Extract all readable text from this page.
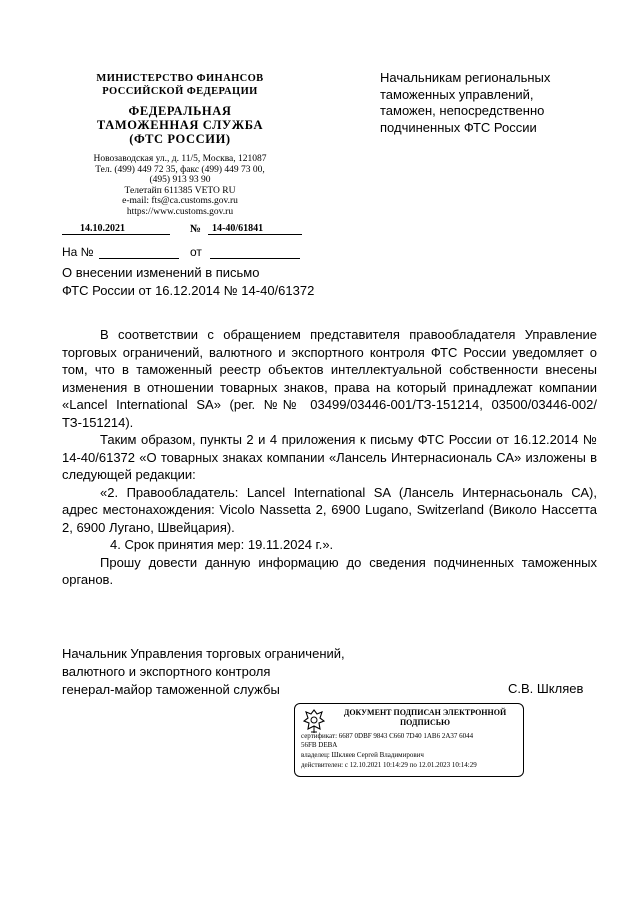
МИНИСТЕРСТВО ФИНАНСОВ
РОССИЙСКОЙ ФЕДЕРАЦИИ
ФЕДЕРАЛЬНАЯ
ТАМОЖЕННАЯ СЛУЖБА
(ФТС РОССИИ)
Новозаводская ул., д. 11/5, Москва, 121087
Тел. (499) 449 72 35, факс (499) 449 73 00,
(495) 913 93 90
Телетайп 611385 VETO RU
e-mail: fts@ca.customs.gov.ru
https://www.customs.gov.ru
Начальникам региональных
таможенных управлений,
таможен, непосредственно
подчиненных ФТС России
14.10.2021	№	14-40/61841
На №	от
О внесении изменений в письмо
ФТС России от 16.12.2014 № 14-40/61372

В соответствии с обращением представителя правообладателя Управление торговых ограничений, валютного и экспортного контроля ФТС России уведомляет о том, что в таможенный реестр объектов интеллектуальной собственности внесены изменения в отношении товарных знаков, права на который принадлежат компании «Lancel International SA» (рег. №№ 03499/03446-001/ТЗ-151214, 03500/03446-002/ТЗ-151214).

Таким образом, пункты 2 и 4 приложения к письму ФТС России от 16.12.2014 № 14-40/61372 «О товарных знаках компании «Лансель Интернасиональ СА» изложены в следующей редакции:

«2. Правообладатель: Lancel International SA (Лансель Интернасьональ СА), адрес местонахождения: Vicolo Nassetta 2, 6900 Lugano, Switzerland (Виколо Нассетта 2, 6900 Лугано, Швейцария).

4. Срок принятия мер: 19.11.2024 г.».

Прошу довести данную информацию до сведения подчиненных таможенных органов.

Начальник Управления торговых ограничений,
валютного и экспортного контроля
генерал-майор таможенной службы	С.В. Шкляев
ДОКУМЕНТ ПОДПИСАН ЭЛЕКТРОННОЙ
ПОДПИСЬЮ
сертификат: 6687 0DBF 9843 C660 7D40 1AB6 2A37 6044
56FB DEBA
владелец: Шкляев Сергей Владимирович
действителен: с 12.10.2021 10:14:29 по 12.01.2023 10:14:29
